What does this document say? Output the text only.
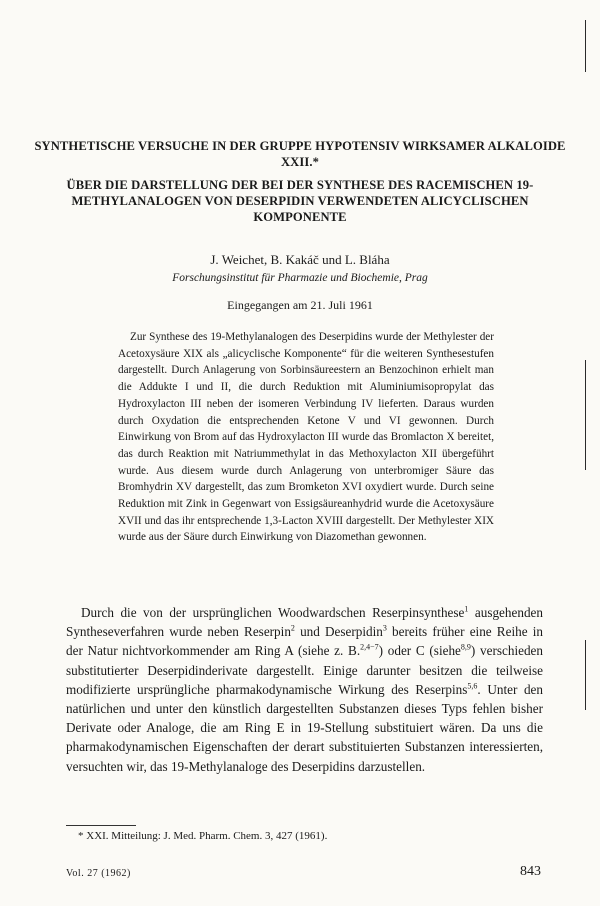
SYNTHETISCHE VERSUCHE IN DER GRUPPE HYPOTENSIV WIRKSAMER ALKALOIDE XXII.*
ÜBER DIE DARSTELLUNG DER BEI DER SYNTHESE DES RACEMISCHEN 19-METHYLANALOGEN VON DESERPIDIN VERWENDETEN ALICYCLISCHEN KOMPONENTE
J. Weichet, B. Kakáč und L. Bláha
Forschungsinstitut für Pharmazie und Biochemie, Prag
Eingegangen am 21. Juli 1961
Zur Synthese des 19-Methylanalogen des Deserpidins wurde der Methylester der Acetoxysäure XIX als „alicyclische Komponente“ für die weiteren Synthesestufen dargestellt. Durch Anlagerung von Sorbinsäureestern an Benzochinon erhielt man die Addukte I und II, die durch Reduktion mit Aluminiumisopropylat das Hydroxylacton III neben der isomeren Verbindung IV lieferten. Daraus wurden durch Oxydation die entsprechenden Ketone V und VI gewonnen. Durch Einwirkung von Brom auf das Hydroxylacton III wurde das Bromlacton X bereitet, das durch Reaktion mit Natriummethylat in das Methoxylacton XII übergeführt wurde. Aus diesem wurde durch Anlagerung von unterbromiger Säure das Bromhydrin XV dargestellt, das zum Bromketon XVI oxydiert wurde. Durch seine Reduktion mit Zink in Gegenwart von Essigsäureanhydrid wurde die Acetoxysäure XVII und das ihr entsprechende 1,3-Lacton XVIII dargestellt. Der Methylester XIX wurde aus der Säure durch Einwirkung von Diazomethan gewonnen.
Durch die von der ursprünglichen Woodwardschen Reserpinsynthese$^1$ ausgehenden Syntheseverfahren wurde neben Reserpin$^2$ und Deserpidin$^3$ bereits früher eine Reihe in der Natur nichtvorkommender am Ring A (siehe z. B.$^{2,4-7}$) oder C (siehe$^{8,9}$) verschieden substitutierter Deserpidinderivate dargestellt. Einige darunter besitzen die teilweise modifizierte ursprüngliche pharmakodynamische Wirkung des Reserpins$^{5,6}$. Unter den natürlichen und unter den künstlich dargestellten Substanzen dieses Typs fehlen bisher Derivate oder Analoge, die am Ring E in 19-Stellung substituiert wären. Da uns die pharmakodynamischen Eigenschaften der derart substituierten Substanzen interessierten, versuchten wir, das 19-Methylanaloge des Deserpidins darzustellen.
* XXI. Mitteilung: J. Med. Pharm. Chem. 3, 427 (1961).
Vol. 27 (1962)	843
